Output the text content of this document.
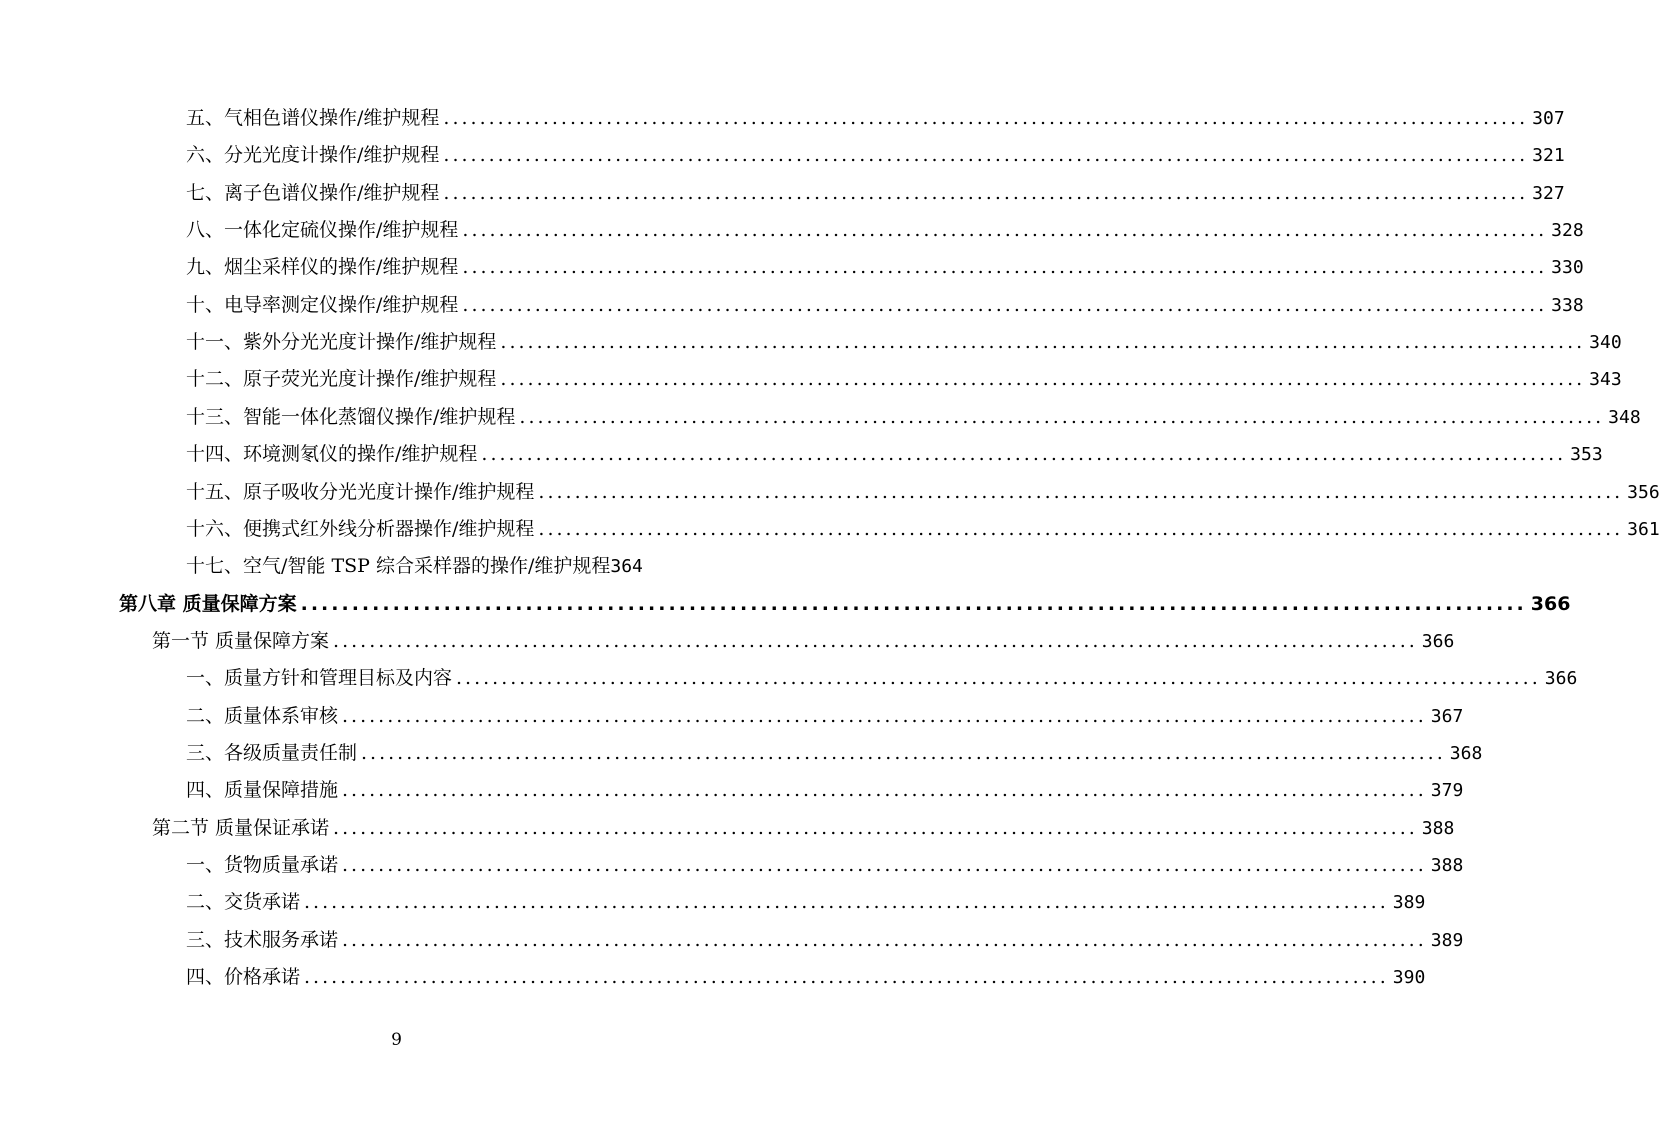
五、气相色谱仪操作/维护规程 ........................................................................................................................ 307
六、分光光度计操作/维护规程 ........................................................................................................................ 321
七、离子色谱仪操作/维护规程 ........................................................................................................................ 327
八、一体化定硫仪操作/维护规程 ........................................................................................................................ 328
九、烟尘采样仪的操作/维护规程 ........................................................................................................................ 330
十、电导率测定仪操作/维护规程 ........................................................................................................................ 338
十一、紫外分光光度计操作/维护规程 ........................................................................................................................ 340
十二、原子荧光光度计操作/维护规程 ........................................................................................................................ 343
十三、智能一体化蒸馏仪操作/维护规程 ........................................................................................................................ 348
十四、环境测氡仪的操作/维护规程 ........................................................................................................................ 353
十五、原子吸收分光光度计操作/维护规程 ........................................................................................................................ 356
十六、便携式红外线分析器操作/维护规程 ........................................................................................................................ 361
十七、空气/智能 TSP 综合采样器的操作/维护规程 364
第八章 质量保障方案 ........................................................................................................................ 366
第一节 质量保障方案 ........................................................................................................................ 366
一、质量方针和管理目标及内容 ........................................................................................................................ 366
二、质量体系审核 ........................................................................................................................ 367
三、各级质量责任制 ........................................................................................................................ 368
四、质量保障措施 ........................................................................................................................ 379
第二节 质量保证承诺 ........................................................................................................................ 388
一、货物质量承诺 ........................................................................................................................ 388
二、交货承诺 ........................................................................................................................ 389
三、技术服务承诺 ........................................................................................................................ 389
四、价格承诺 ........................................................................................................................ 390
9
